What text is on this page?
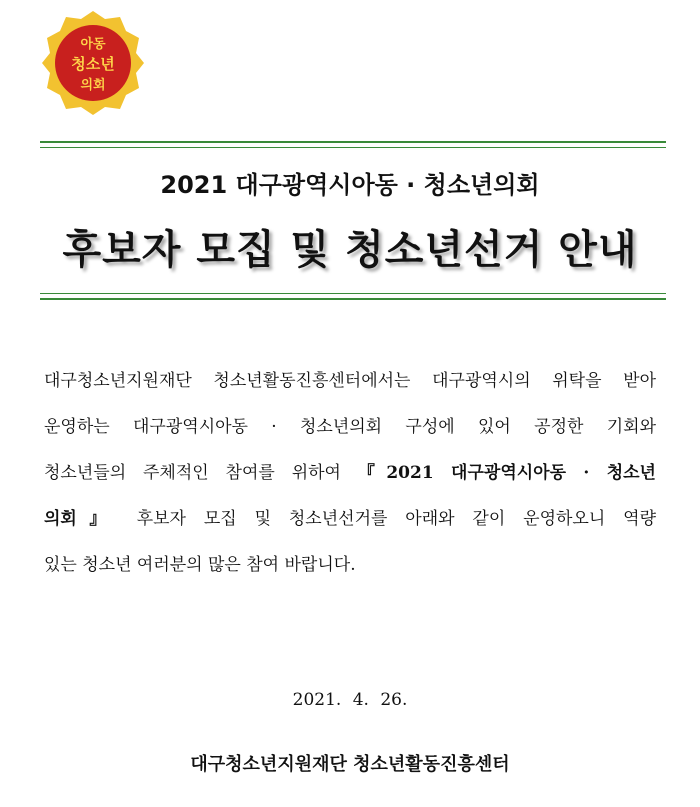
아동
청소년
의회
2021 대구광역시아동 · 청소년의회
후보자 모집 및 청소년선거 안내
대구청소년지원재단 청소년활동진흥센터에서는 대구광역시의 위탁을 받아
운영하는 대구광역시아동 · 청소년의회 구성에 있어 공정한 기회와
청소년들의 주체적인 참여를 위하여 『2021 대구광역시아동 · 청소년
의회』 후보자 모집 및 청소년선거를 아래와 같이 운영하오니 역량
있는 청소년 여러분의 많은 참여 바랍니다.
2021. 4. 26.
대구청소년지원재단 청소년활동진흥센터
